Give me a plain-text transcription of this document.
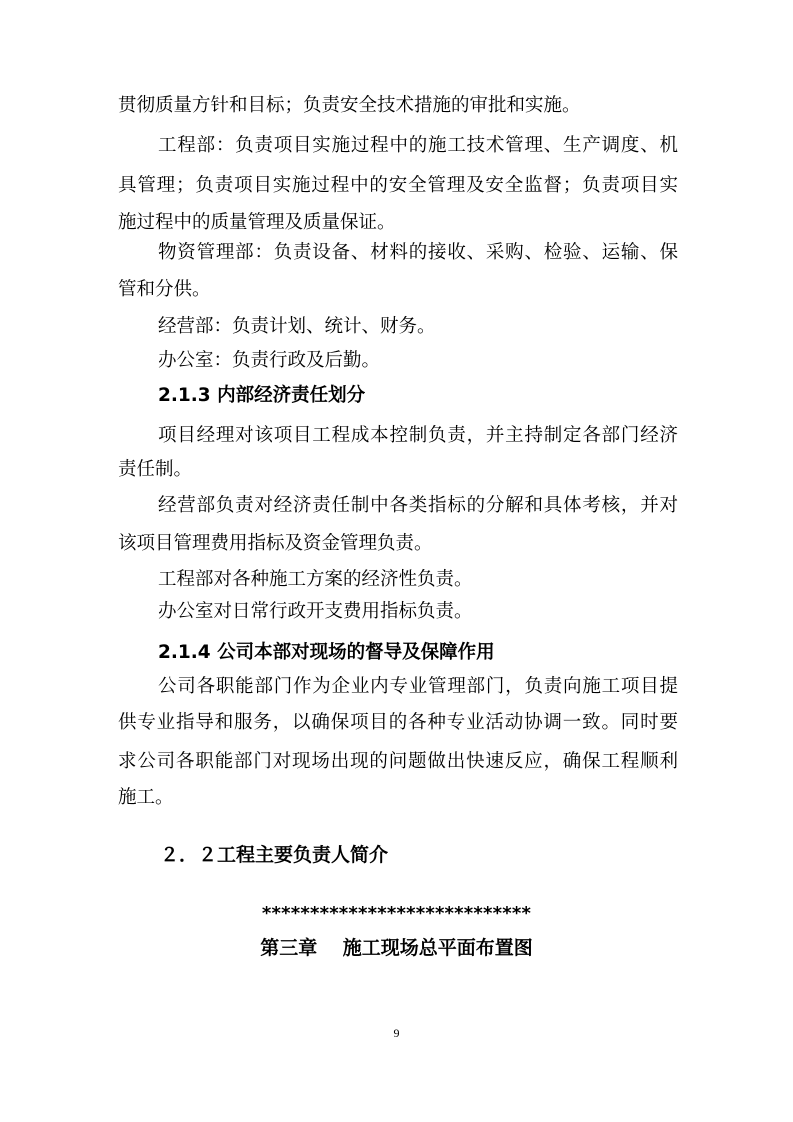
贯彻质量方针和目标；负责安全技术措施的审批和实施。
工程部：负责项目实施过程中的施工技术管理、生产调度、机
具管理；负责项目实施过程中的安全管理及安全监督；负责项目实
施过程中的质量管理及质量保证。
物资管理部：负责设备、材料的接收、采购、检验、运输、保
管和分供。
经营部：负责计划、统计、财务。
办公室：负责行政及后勤。
2.1.3 内部经济责任划分
项目经理对该项目工程成本控制负责，并主持制定各部门经济
责任制。
经营部负责对经济责任制中各类指标的分解和具体考核，并对
该项目管理费用指标及资金管理负责。
工程部对各种施工方案的经济性负责。
办公室对日常行政开支费用指标负责。
2.1.4 公司本部对现场的督导及保障作用
公司各职能部门作为企业内专业管理部门，负责向施工项目提
供专业指导和服务，以确保项目的各种专业活动协调一致。同时要
求公司各职能部门对现场出现的问题做出快速反应，确保工程顺利
施工。
２．２工程主要负责人简介
****************************
第三章　 施工现场总平面布置图
9
